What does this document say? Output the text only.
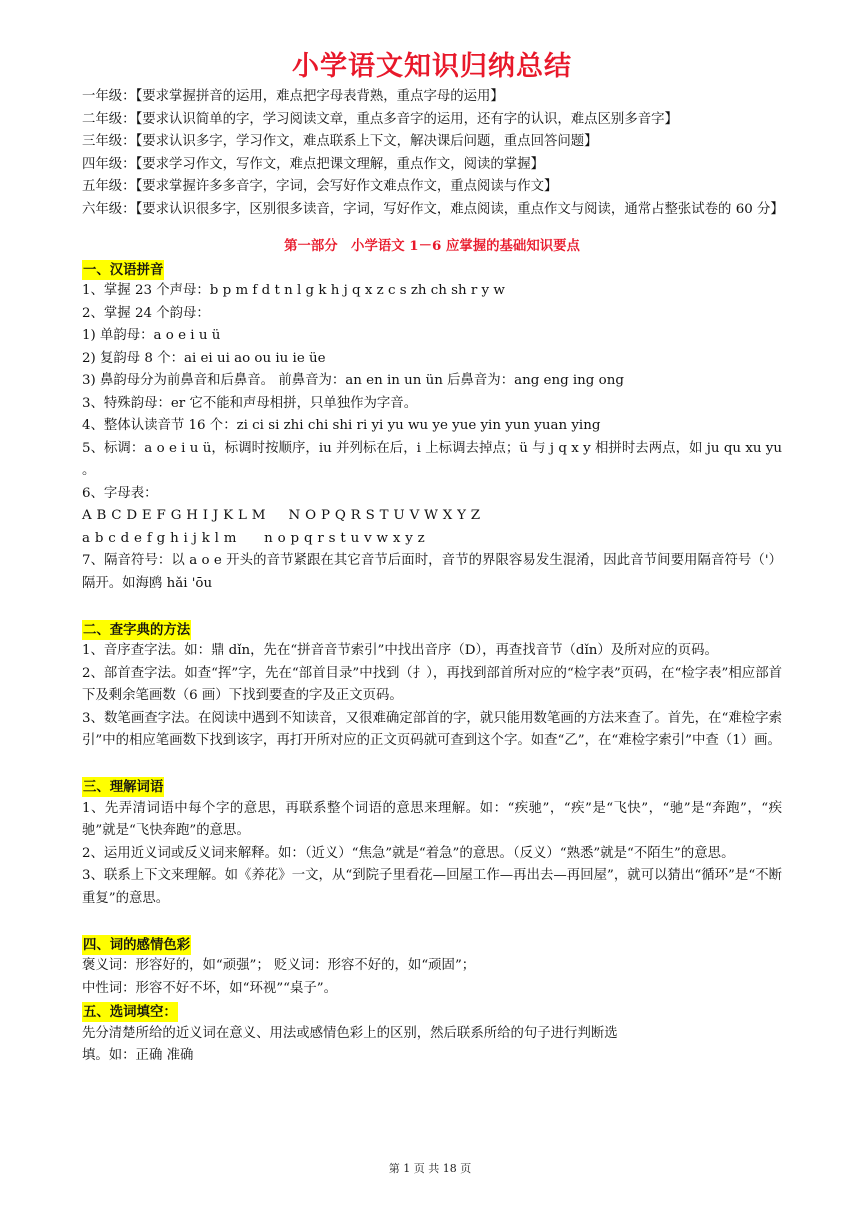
小学语文知识归纳总结
一年级：【要求掌握拼音的运用，难点把字母表背熟，重点字母的运用】
二年级：【要求认识简单的字，学习阅读文章，重点多音字的运用，还有字的认识，难点区别多音字】
三年级：【要求认识多字，学习作文，难点联系上下文，解决课后问题，重点回答问题】
四年级：【要求学习作文，写作文，难点把课文理解，重点作文，阅读的掌握】
五年级：【要求掌握许多多音字，字词，会写好作文难点作文，重点阅读与作文】
六年级：【要求认识很多字，区别很多读音，字词，写好作文，难点阅读，重点作文与阅读，通常占整张试卷的 60 分】
第一部分　小学语文 1－6 应掌握的基础知识要点
一、汉语拼音
1、掌握 23 个声母：b p m f d t n l g k h j q x z c s zh ch sh r y w
2、掌握 24 个韵母：
1) 单韵母：a o e i u ü
2) 复韵母 8 个：ai ei ui ao ou iu ie üe
3) 鼻韵母分为前鼻音和后鼻音。 前鼻音为：an en in un ün 后鼻音为：ang eng ing ong
3、特殊韵母：er 它不能和声母相拼，只单独作为字音。
4、整体认读音节 16 个：zi ci si zhi chi shi ri yi yu wu ye yue yin yun yuan ying
5、标调：a o e i u ü，标调时按顺序，iu 并列标在后，i 上标调去掉点；ü 与 j q x y 相拼时去两点，如 ju qu xu yu 。
6、字母表：
A B C D E F G H I J K L M     N O P Q R S T U V W X Y Z
a b c d e f g h i j k l m      n o p q r s t u v w x y z
7、隔音符号：以 a o e 开头的音节紧跟在其它音节后面时，音节的界限容易发生混淆，因此音节间要用隔音符号（'）隔开。如海鸥 hǎi 'ōu
二、查字典的方法
1、音序查字法。如：鼎 dǐn，先在“拼音音节索引”中找出音序（D），再查找音节（dǐn）及所对应的页码。
2、部首查字法。如查“挥”字，先在“部首目录”中找到（扌），再找到部首所对应的“检字表”页码，在“检字表”相应部首下及剩余笔画数（6 画）下找到要查的字及正文页码。
3、数笔画查字法。在阅读中遇到不知读音，又很难确定部首的字，就只能用数笔画的方法来查了。首先，在“难检字索引”中的相应笔画数下找到该字，再打开所对应的正文页码就可查到这个字。如查“乙”，在“难检字索引”中查（1）画。
三、理解词语
1、先弄清词语中每个字的意思，再联系整个词语的意思来理解。如：“疾驰”，“疾”是“飞快”，“驰”是“奔跑”，“疾驰”就是“飞快奔跑”的意思。
2、运用近义词或反义词来解释。如：（近义）“焦急”就是“着急”的意思。（反义）“熟悉”就是“不陌生”的意思。
3、联系上下文来理解。如《养花》一文，从“到院子里看花—回屋工作—再出去—再回屋”，就可以猜出“循环”是“不断重复”的意思。
四、词的感情色彩
褒义词：形容好的，如“顽强”； 贬义词：形容不好的，如“顽固”；
中性词：形容不好不坏，如“环视”“桌子”。
五、选词填空：
先分清楚所给的近义词在意义、用法或感情色彩上的区别，然后联系所给的句子进行判断选
填。如：正确 准确
第 1 页 共 18 页
